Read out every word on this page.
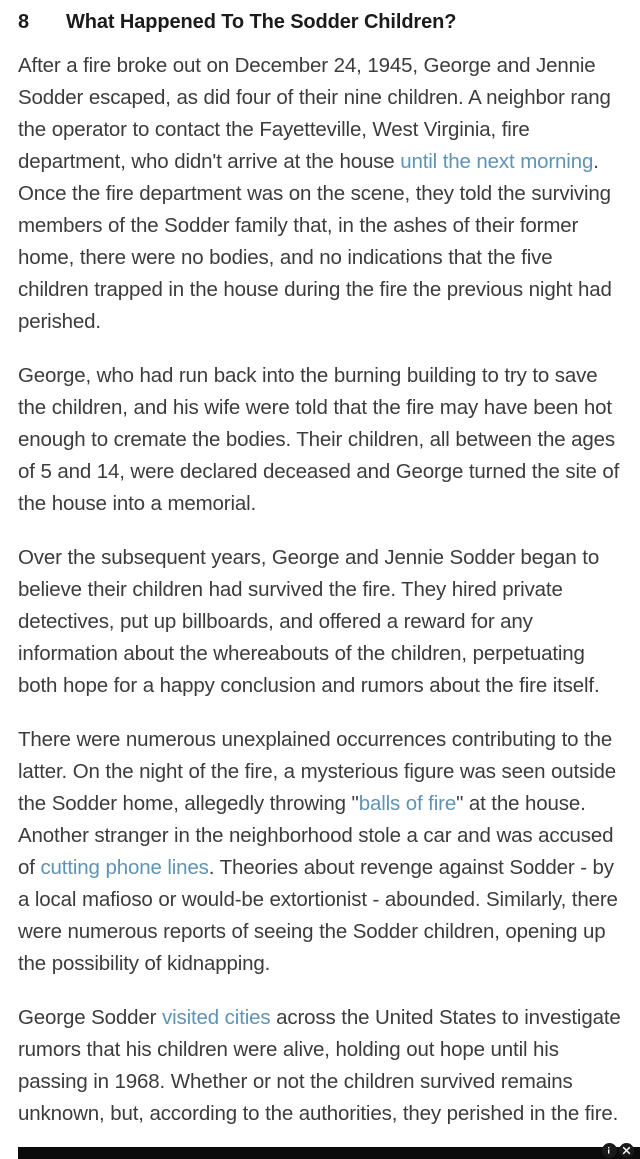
8	What Happened To The Sodder Children?

After a fire broke out on December 24, 1945, George and Jennie Sodder escaped, as did four of their nine children. A neighbor rang the operator to contact the Fayetteville, West Virginia, fire department, who didn't arrive at the house until the next morning. Once the fire department was on the scene, they told the surviving members of the Sodder family that, in the ashes of their former home, there were no bodies, and no indications that the five children trapped in the house during the fire the previous night had perished.

George, who had run back into the burning building to try to save the children, and his wife were told that the fire may have been hot enough to cremate the bodies. Their children, all between the ages of 5 and 14, were declared deceased and George turned the site of the house into a memorial.

Over the subsequent years, George and Jennie Sodder began to believe their children had survived the fire. They hired private detectives, put up billboards, and offered a reward for any information about the whereabouts of the children, perpetuating both hope for a happy conclusion and rumors about the fire itself.

There were numerous unexplained occurrences contributing to the latter. On the night of the fire, a mysterious figure was seen outside the Sodder home, allegedly throwing "balls of fire" at the house. Another stranger in the neighborhood stole a car and was accused of cutting phone lines. Theories about revenge against Sodder - by a local mafioso or would-be extortionist - abounded. Similarly, there were numerous reports of seeing the Sodder children, opening up the possibility of kidnapping.

George Sodder visited cities across the United States to investigate rumors that his children were alive, holding out hope until his passing in 1968. Whether or not the children survived remains unknown, but, according to the authorities, they perished in the fire.
